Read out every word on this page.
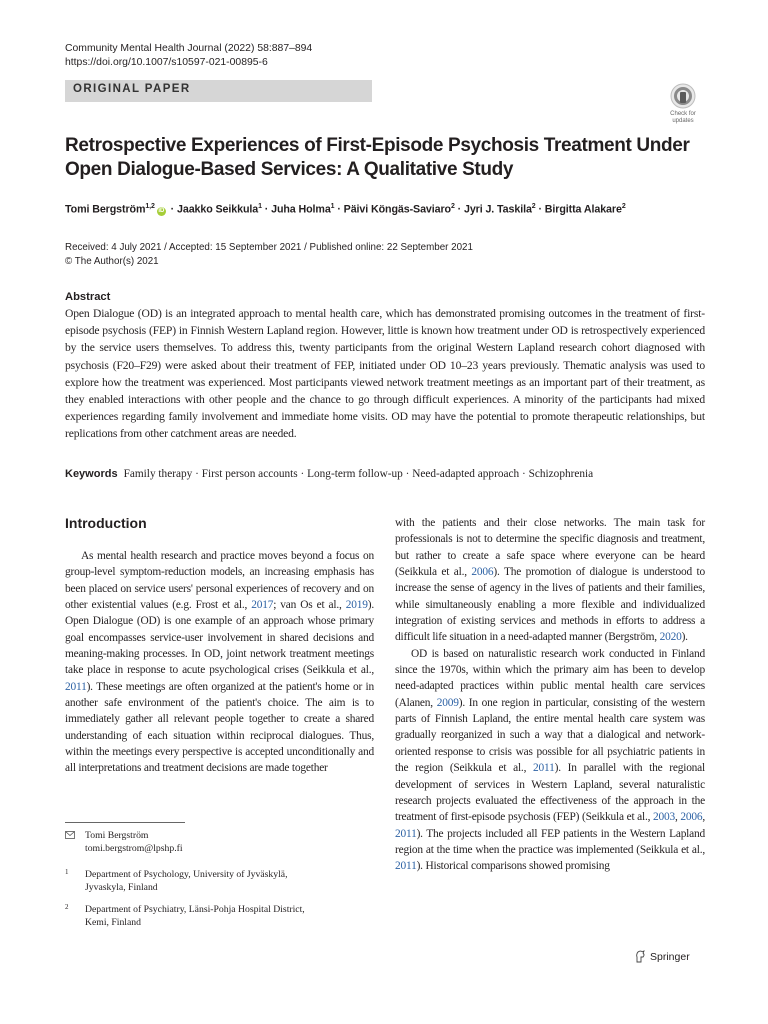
Community Mental Health Journal (2022) 58:887–894
https://doi.org/10.1007/s10597-021-00895-6
ORIGINAL PAPER
Check for
updates
Retrospective Experiences of First-Episode Psychosis Treatment Under Open Dialogue-Based Services: A Qualitative Study
Tomi Bergström$^{1,2}$iD · Jaakko Seikkula$^1$ · Juha Holma$^1$ · Päivi Köngäs-Saviaro$^2$ · Jyri J. Taskila$^2$ · Birgitta Alakare$^2$
Received: 4 July 2021 / Accepted: 15 September 2021 / Published online: 22 September 2021
© The Author(s) 2021
Abstract
Open Dialogue (OD) is an integrated approach to mental health care, which has demonstrated promising outcomes in the treatment of first-episode psychosis (FEP) in Finnish Western Lapland region. However, little is known how treatment under OD is retrospectively experienced by the service users themselves. To address this, twenty participants from the original Western Lapland research cohort diagnosed with psychosis (F20–F29) were asked about their treatment of FEP, initiated under OD 10–23 years previously. Thematic analysis was used to explore how the treatment was experienced. Most participants viewed network treatment meetings as an important part of their treatment, as they enabled interactions with other people and the chance to go through difficult experiences. A minority of the participants had mixed experiences regarding family involvement and immediate home visits. OD may have the potential to promote therapeutic relationships, but replications from other catchment areas are needed.
Keywords Family therapy · First person accounts · Long-term follow-up · Need-adapted approach · Schizophrenia
Introduction

As mental health research and practice moves beyond a focus on group-level symptom-reduction models, an increasing emphasis has been placed on service users' personal experiences of recovery and on other existential values (e.g. Frost et al., 2017; van Os et al., 2019). Open Dialogue (OD) is one example of an approach whose primary goal encompasses service-user involvement in shared decisions and meaning-making processes. In OD, joint network treatment meetings take place in response to acute psychological crises (Seikkula et al., 2011). These meetings are often organized at the patient's home or in another safe environment of the patient's choice. The aim is to immediately gather all relevant people together to create a shared understanding of each situation within reciprocal dialogues. Thus, within the meetings every perspective is accepted unconditionally and all interpretations and treatment decisions are made together

with the patients and their close networks. The main task for professionals is not to determine the specific diagnosis and treatment, but rather to create a safe space where everyone can be heard (Seikkula et al., 2006). The promotion of dialogue is understood to increase the sense of agency in the lives of patients and their families, while simultaneously enabling a more flexible and individualized integration of existing services and methods in efforts to address a difficult life situation in a need-adapted manner (Bergström, 2020).

OD is based on naturalistic research work conducted in Finland since the 1970s, within which the primary aim has been to develop need-adapted practices within public mental health care services (Alanen, 2009). In one region in particular, consisting of the western parts of Finnish Lapland, the entire mental health care system was gradually reorganized in such a way that a dialogical and network-oriented response to crisis was possible for all psychiatric patients in the region (Seikkula et al., 2011). In parallel with the regional development of services in Western Lapland, several naturalistic research projects evaluated the effectiveness of the approach in the treatment of first-episode psychosis (FEP) (Seikkula et al., 2003, 2006, 2011). The projects included all FEP patients in the Western Lapland region at the time when the practice was implemented (Seikkula et al., 2011). Historical comparisons showed promising

Tomi Bergström
tomi.bergstrom@lpshp.fi
1 Department of Psychology, University of Jyväskylä,
Jyvaskyla, Finland
2 Department of Psychiatry, Länsi-Pohja Hospital District,
Kemi, Finland
Springer
